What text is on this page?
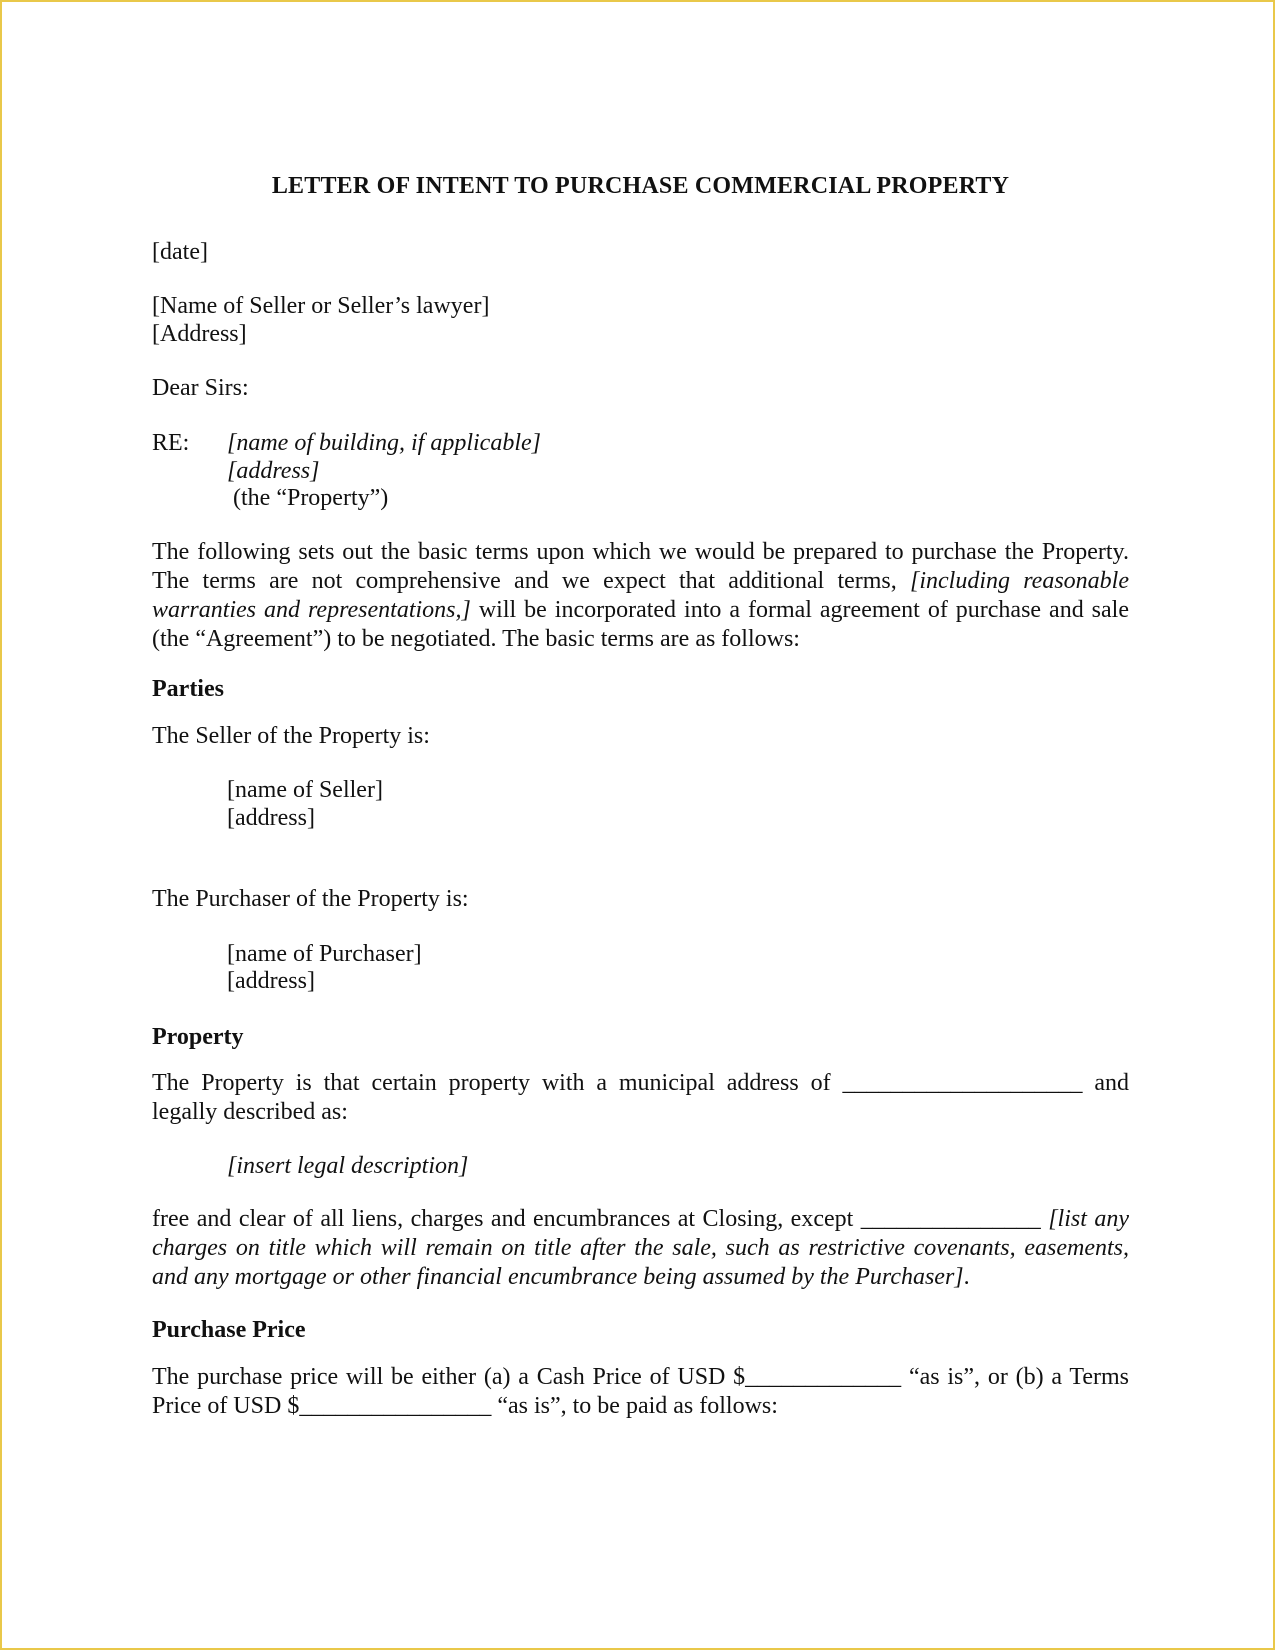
LETTER OF INTENT TO PURCHASE COMMERCIAL PROPERTY

[date]

[Name of Seller or Seller’s lawyer]

[Address]

Dear Sirs:

RE: [name of building, if applicable]
[address]
(the “Property”)

The following sets out the basic terms upon which we would be prepared to purchase the Property. The terms are not comprehensive and we expect that additional terms, [including reasonable warranties and representations,] will be incorporated into a formal agreement of purchase and sale (the “Agreement”) to be negotiated. The basic terms are as follows:

Parties

The Seller of the Property is:

[name of Seller]

[address]

The Purchaser of the Property is:

[name of Purchaser]

[address]

Property

The Property is that certain property with a municipal address of ____________________ and legally described as:

[insert legal description]

free and clear of all liens, charges and encumbrances at Closing, except _______________ [list any charges on title which will remain on title after the sale, such as restrictive covenants, easements, and any mortgage or other financial encumbrance being assumed by the Purchaser].

Purchase Price

The purchase price will be either (a) a Cash Price of USD $_____________ “as is”, or (b) a Terms Price of USD $________________ “as is”, to be paid as follows:
